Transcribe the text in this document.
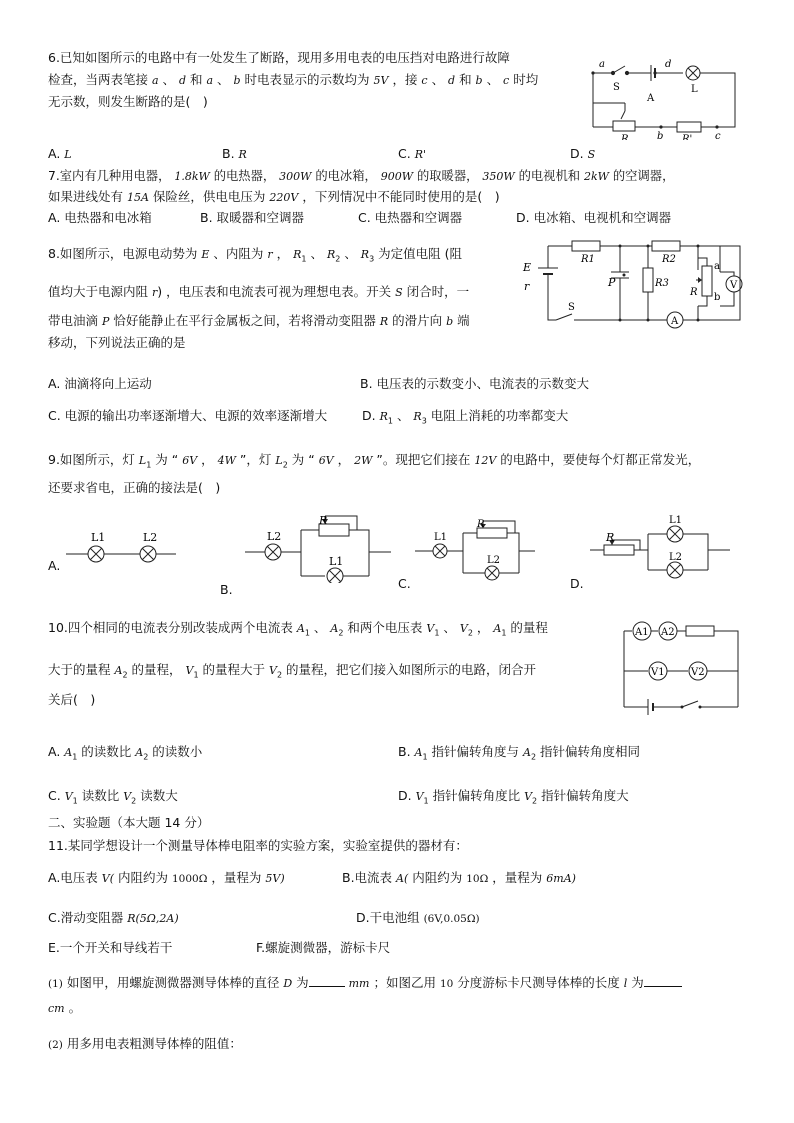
6.已知如图所示的电路中有一处发生了断路，现用多用电表的电压挡对电路进行故障
检查，当两表笔接 a 、 d 和 a 、 b 时电表显示的示数均为 5V ，接 c 、 d 和 b 、 c 时均
无示数，则发生断路的是(　)
a	d
S	L
A
R	b R' c
A. L	B. R	C. R'	D. S
7.室内有几种用电器， 1.8kW 的电热器， 300W 的电冰箱， 900W 的取暖器， 350W 的电视机和 2kW 的空调器，
如果进线处有 15A 保险丝，供电电压为 220V ，下列情况中不能同时使用的是(　)
A. 电热器和电冰箱	B. 取暖器和空调器	C. 电热器和空调器	D. 电冰箱、电视机和空调器
8.如图所示，电源电动势为 E 、内阻为 r ， $R_1$ 、 $R_2$ 、 $R_3$ 为定值电阻 (阻
值均大于电源内阻 r) ，电压表和电流表可视为理想电表。开关 S 闭合时，一
带电油滴 P 恰好能静止在平行金属板之间，若将滑动变阻器 R 的滑片向 b 端
移动，下列说法正确的是
E
r
R1	R2
R3
P
R
a
b
V
A
S
A. 油滴将向上运动	B. 电压表的示数变小、电流表的示数变大
C. 电源的输出功率逐渐增大、电源的效率逐渐增大	D. $R_1$ 、 $R_3$ 电阻上消耗的功率都变大
9.如图所示，灯 $L_1$ 为 “ 6V ， 4W ”，灯 $L_2$ 为 “ 6V ， 2W ”。现把它们接在 12V 的电路中，要使每个灯都正常发光，
还要求省电，正确的接法是(　)
A.
L1	L2
B.
L2
R
L1
C.
L1
R
L2
D.
R
L1
L2
10.四个相同的电流表分别改装成两个电流表 $A_1$ 、 $A_2$ 和两个电压表 $V_1$ 、 $V_2$ ， $A_1$ 的量程
大于的量程 $A_2$ 的量程， $V_1$ 的量程大于 $V_2$ 的量程，把它们接入如图所示的电路，闭合开
关后(　)
A1 A2
V1	V2
A. $A_1$ 的读数比 $A_2$ 的读数小	B. $A_1$ 指针偏转角度与 $A_2$ 指针偏转角度相同
C. $V_1$ 读数比 $V_2$ 读数大	D. $V_1$ 指针偏转角度比 $V_2$ 指针偏转角度大
二、实验题（本大题 14 分）
11.某同学想设计一个测量导体棒电阻率的实验方案，实验室提供的器材有：
A.电压表 V( 内阻约为 1000Ω ，量程为 5V)	B.电流表 A( 内阻约为 10Ω ，量程为 6mA)
C.滑动变阻器 R(5Ω,2A)	D.干电池组 (6V,0.05Ω)
E.一个开关和导线若干	F.螺旋测微器，游标卡尺
(1) 如图甲，用螺旋测微器测导体棒的直径 D 为	mm ；如图乙用 10 分度游标卡尺测导体棒的长度 l 为
cm 。
(2) 用多用电表粗测导体棒的阻值：
